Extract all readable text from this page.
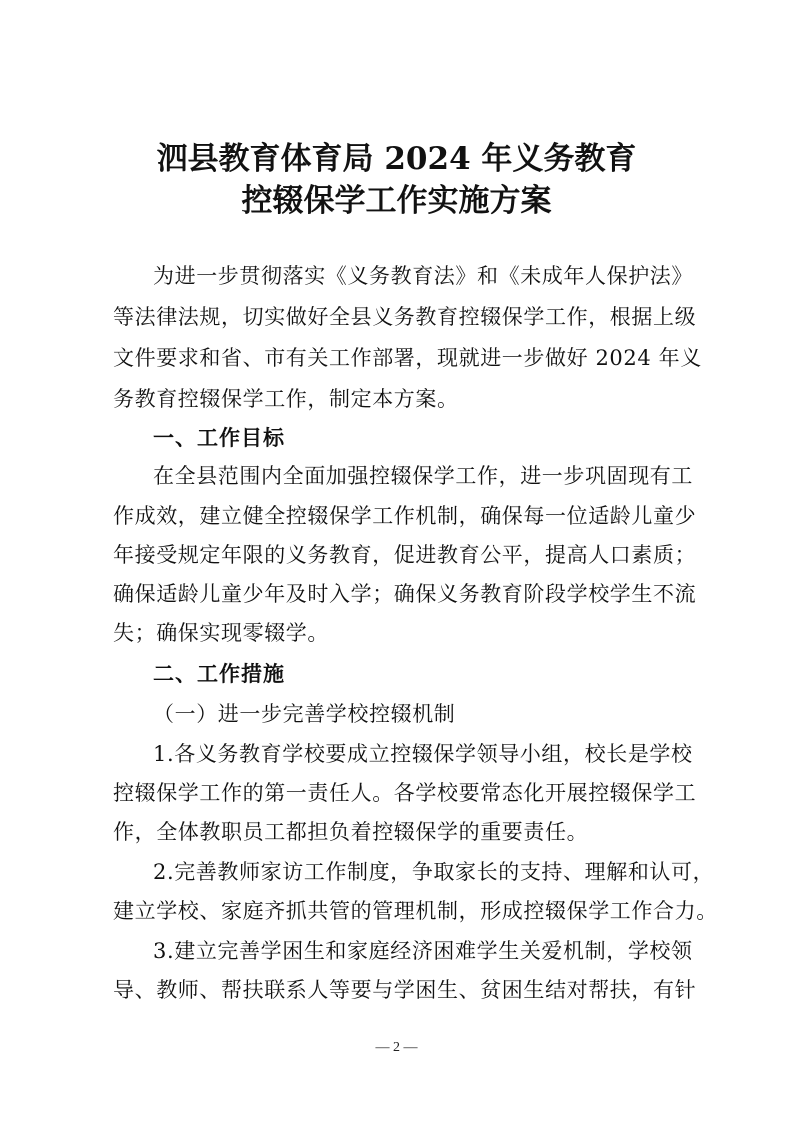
泗县教育体育局 2024 年义务教育
控辍保学工作实施方案
为进一步贯彻落实《义务教育法》和《未成年人保护法》
等法律法规，切实做好全县义务教育控辍保学工作，根据上级
文件要求和省、市有关工作部署，现就进一步做好 2024 年义
务教育控辍保学工作，制定本方案。
一、工作目标
在全县范围内全面加强控辍保学工作，进一步巩固现有工
作成效，建立健全控辍保学工作机制，确保每一位适龄儿童少
年接受规定年限的义务教育，促进教育公平，提高人口素质；
确保适龄儿童少年及时入学；确保义务教育阶段学校学生不流
失；确保实现零辍学。
二、工作措施
（一）进一步完善学校控辍机制
1.各义务教育学校要成立控辍保学领导小组，校长是学校
控辍保学工作的第一责任人。各学校要常态化开展控辍保学工
作，全体教职员工都担负着控辍保学的重要责任。
2.完善教师家访工作制度，争取家长的支持、理解和认可，
建立学校、家庭齐抓共管的管理机制，形成控辍保学工作合力。
3.建立完善学困生和家庭经济困难学生关爱机制，学校领
导、教师、帮扶联系人等要与学困生、贫困生结对帮扶，有针
— 2 —
